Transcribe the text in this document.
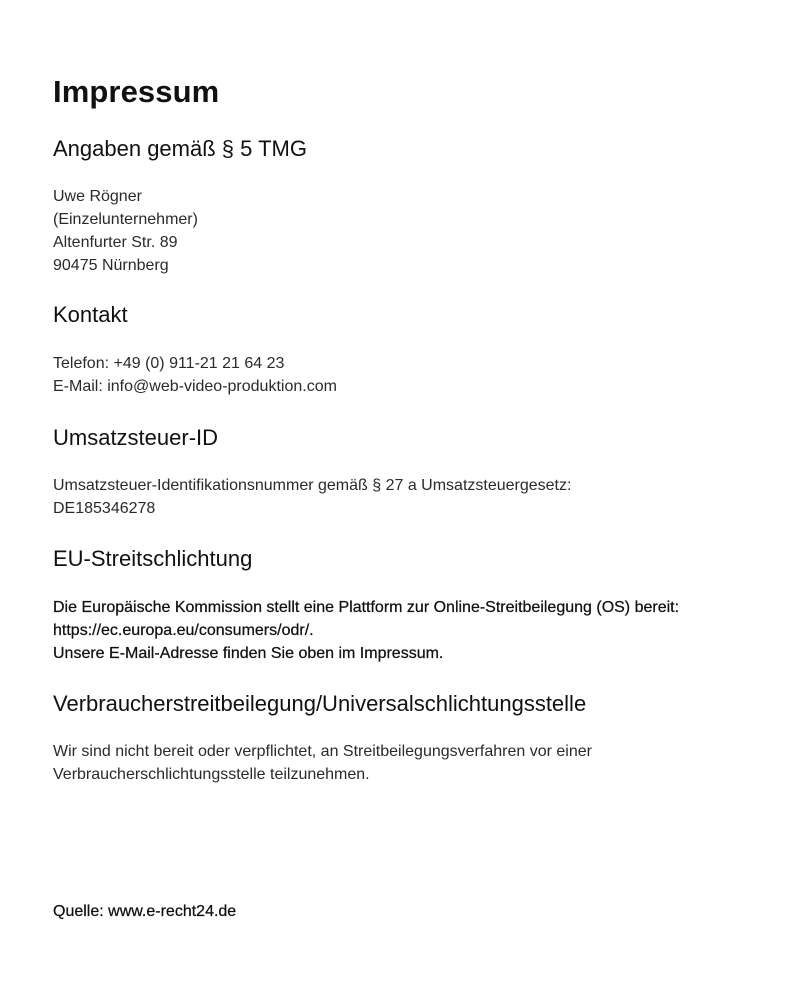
Impressum
Angaben gemäß § 5 TMG
Uwe Rögner
(Einzelunternehmer)
Altenfurter Str. 89
90475 Nürnberg
Kontakt
Telefon: +49 (0) 911-21 21 64 23
E-Mail: info@web-video-produktion.com
Umsatzsteuer-ID
Umsatzsteuer-Identifikationsnummer gemäß § 27 a Umsatzsteuergesetz:
DE185346278
EU-Streitschlichtung
Die Europäische Kommission stellt eine Plattform zur Online-Streitbeilegung (OS) bereit:
https://ec.europa.eu/consumers/odr/.
Unsere E-Mail-Adresse finden Sie oben im Impressum.
Verbraucherstreitbeilegung/Universalschlichtungsstelle
Wir sind nicht bereit oder verpflichtet, an Streitbeilegungsverfahren vor einer
Verbraucherschlichtungsstelle teilzunehmen.

Quelle: www.e-recht24.de
